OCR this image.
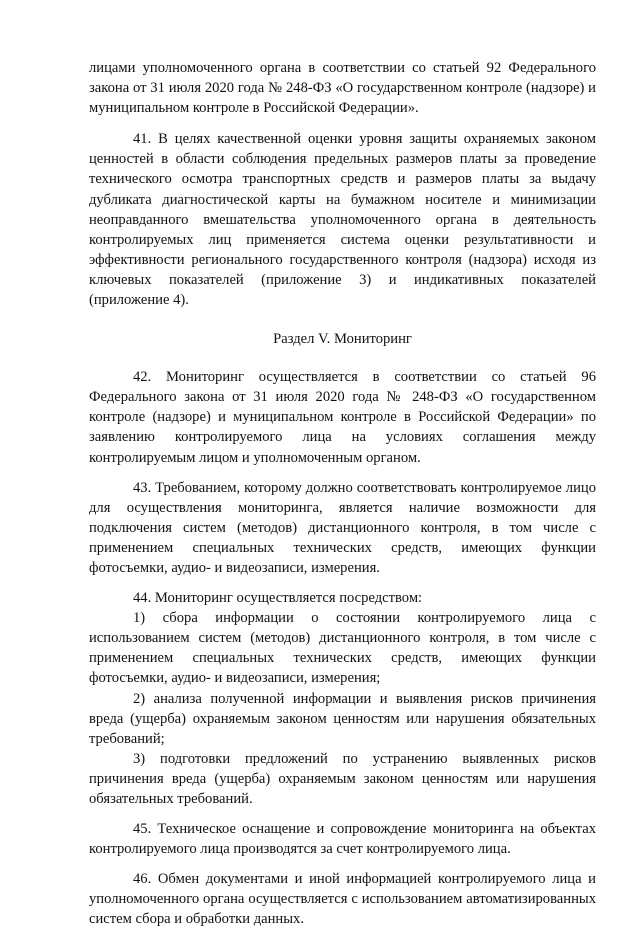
лицами уполномоченного органа в соответствии со статьей 92 Федерального закона от 31 июля 2020 года № 248-ФЗ «О государственном контроле (надзоре) и муниципальном контроле в Российской Федерации».

41. В целях качественной оценки уровня защиты охраняемых законом ценностей в области соблюдения предельных размеров платы за проведение технического осмотра транспортных средств и размеров платы за выдачу дубликата диагностической карты на бумажном носителе и минимизации неоправданного вмешательства уполномоченного органа в деятельность контролируемых лиц применяется система оценки результативности и эффективности регионального государственного контроля (надзора) исходя из ключевых показателей (приложение 3) и индикативных показателей (приложение 4).

Раздел V. Мониторинг

42. Мониторинг осуществляется в соответствии со статьей 96 Федерального закона от 31 июля 2020 года № 248-ФЗ «О государственном контроле (надзоре) и муниципальном контроле в Российской Федерации» по заявлению контролируемого лица на условиях соглашения между контролируемым лицом и уполномоченным органом.

43. Требованием, которому должно соответствовать контролируемое лицо для осуществления мониторинга, является наличие возможности для подключения систем (методов) дистанционного контроля, в том числе с применением специальных технических средств, имеющих функции фотосъемки, аудио- и видеозаписи, измерения.

44. Мониторинг осуществляется посредством:

1) сбора информации о состоянии контролируемого лица с использованием систем (методов) дистанционного контроля, в том числе с применением специальных технических средств, имеющих функции фотосъемки, аудио- и видеозаписи, измерения;

2) анализа полученной информации и выявления рисков причинения вреда (ущерба) охраняемым законом ценностям или нарушения обязательных требований;

3) подготовки предложений по устранению выявленных рисков причинения вреда (ущерба) охраняемым законом ценностям или нарушения обязательных требований.

45. Техническое оснащение и сопровождение мониторинга на объектах контролируемого лица производятся за счет контролируемого лица.

46. Обмен документами и иной информацией контролируемого лица и уполномоченного органа осуществляется с использованием автоматизированных систем сбора и обработки данных.
